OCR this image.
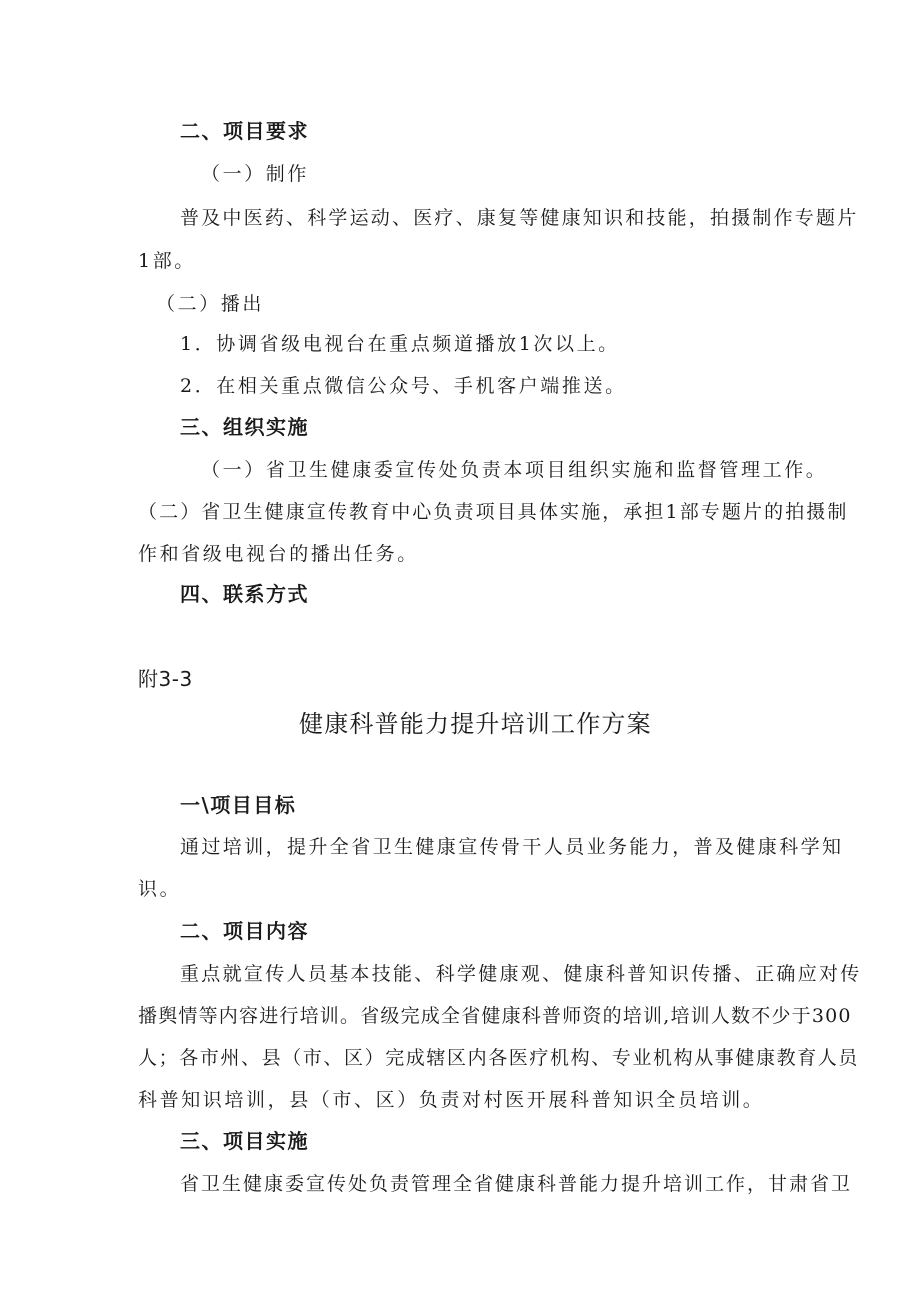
二、项目要求
（一）制作
普及中医药、科学运动、医疗、康复等健康知识和技能，拍摄制作专题片
1部。
（二）播出
1．协调省级电视台在重点频道播放1次以上。
2．在相关重点微信公众号、手机客户端推送。
三、组织实施
（一）省卫生健康委宣传处负责本项目组织实施和监督管理工作。
（二）省卫生健康宣传教育中心负责项目具体实施，承担1部专题片的拍摄制
作和省级电视台的播出任务。
四、联系方式
附3-3
健康科普能力提升培训工作方案
一\项目目标
通过培训，提升全省卫生健康宣传骨干人员业务能力，普及健康科学知
识。
二、项目内容
重点就宣传人员基本技能、科学健康观、健康科普知识传播、正确应对传
播舆情等内容进行培训。省级完成全省健康科普师资的培训,培训人数不少于300
人；各市州、县（市、区）完成辖区内各医疗机构、专业机构从事健康教育人员
科普知识培训，县（市、区）负责对村医开展科普知识全员培训。
三、项目实施
省卫生健康委宣传处负责管理全省健康科普能力提升培训工作，甘肃省卫
